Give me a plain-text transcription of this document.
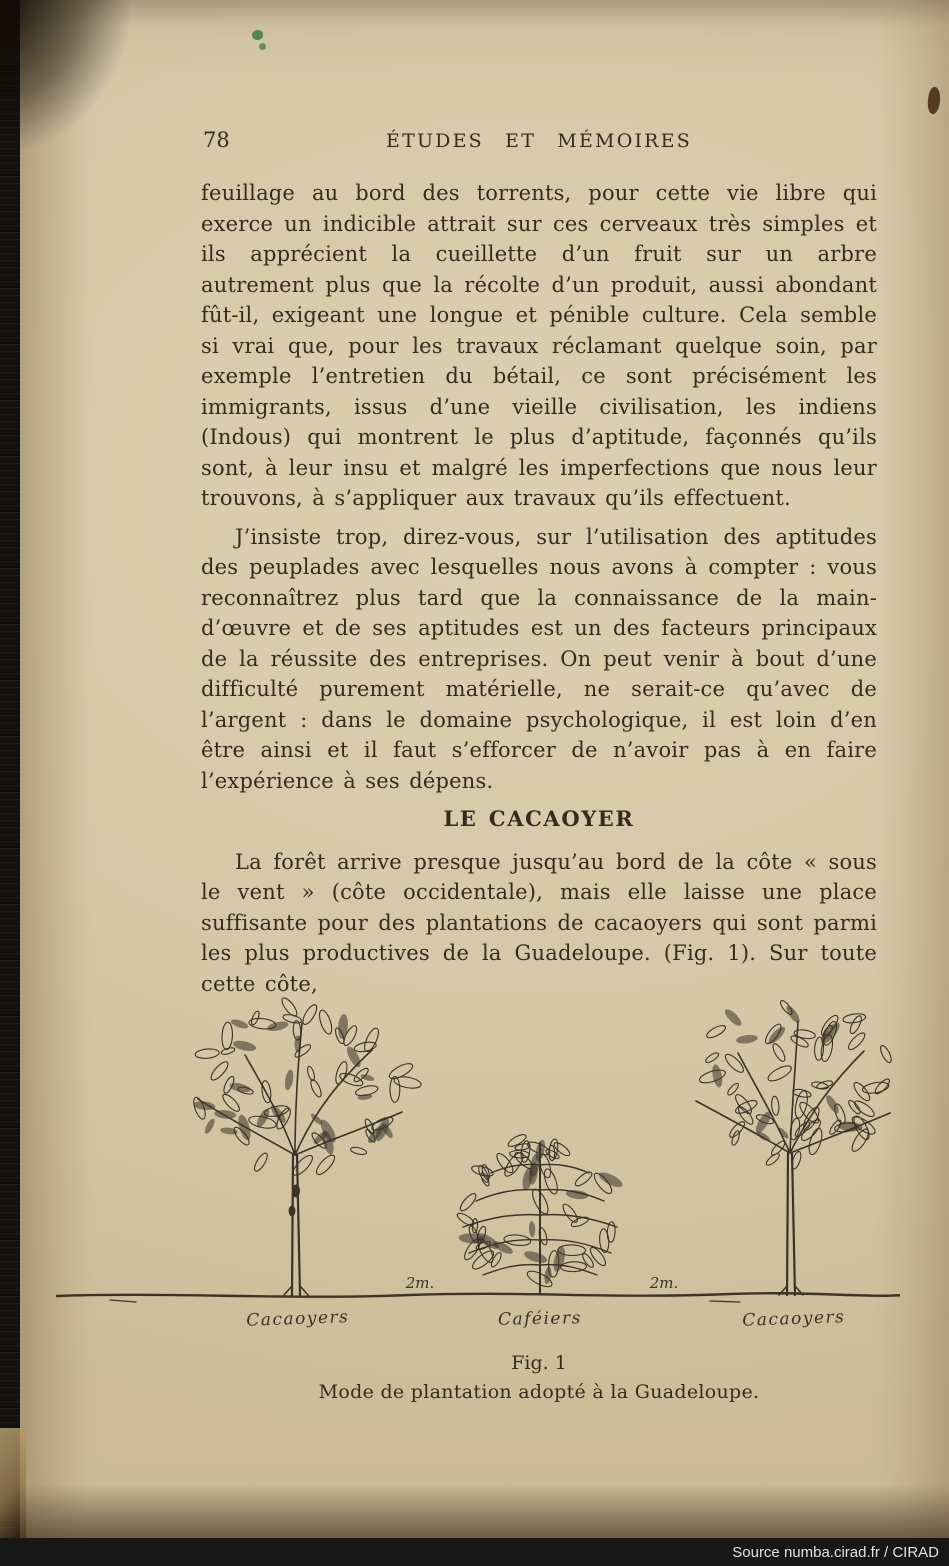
78	ÉTUDES ET MÉMOIRES

feuillage au bord des torrents, pour cette vie libre qui exerce un indicible attrait sur ces cerveaux très simples et ils apprécient la cueillette d’un fruit sur un arbre autrement plus que la récolte d’un produit, aussi abondant fût-il, exigeant une longue et pénible culture. Cela semble si vrai que, pour les travaux réclamant quelque soin, par exemple l’entretien du bétail, ce sont précisément les immigrants, issus d’une vieille civilisation, les indiens (Indous) qui montrent le plus d’aptitude, façonnés qu’ils sont, à leur insu et malgré les imperfections que nous leur trouvons, à s’appliquer aux travaux qu’ils effectuent.

J’insiste trop, direz-vous, sur l’utilisation des aptitudes des peuplades avec lesquelles nous avons à compter : vous reconnaîtrez plus tard que la connaissance de la main-d’œuvre et de ses aptitudes est un des facteurs principaux de la réussite des entreprises. On peut venir à bout d’une difficulté purement matérielle, ne serait-ce qu’avec de l’argent : dans le domaine psychologique, il est loin d’en être ainsi et il faut s’efforcer de n’avoir pas à en faire l’expérience à ses dépens.

LE CACAOYER

La forêt arrive presque jusqu’au bord de la côte « sous le vent » (côte occidentale), mais elle laisse une place suffisante pour des plantations de cacaoyers qui sont parmi les plus productives de la Guadeloupe. (Fig. 1). Sur toute cette côte,

2m.	2m.
Cacaoyers	Caféiers	Cacaoyers
Fig. 1
Mode de plantation adopté à la Guadeloupe.
Source numba.cirad.fr / CIRAD
